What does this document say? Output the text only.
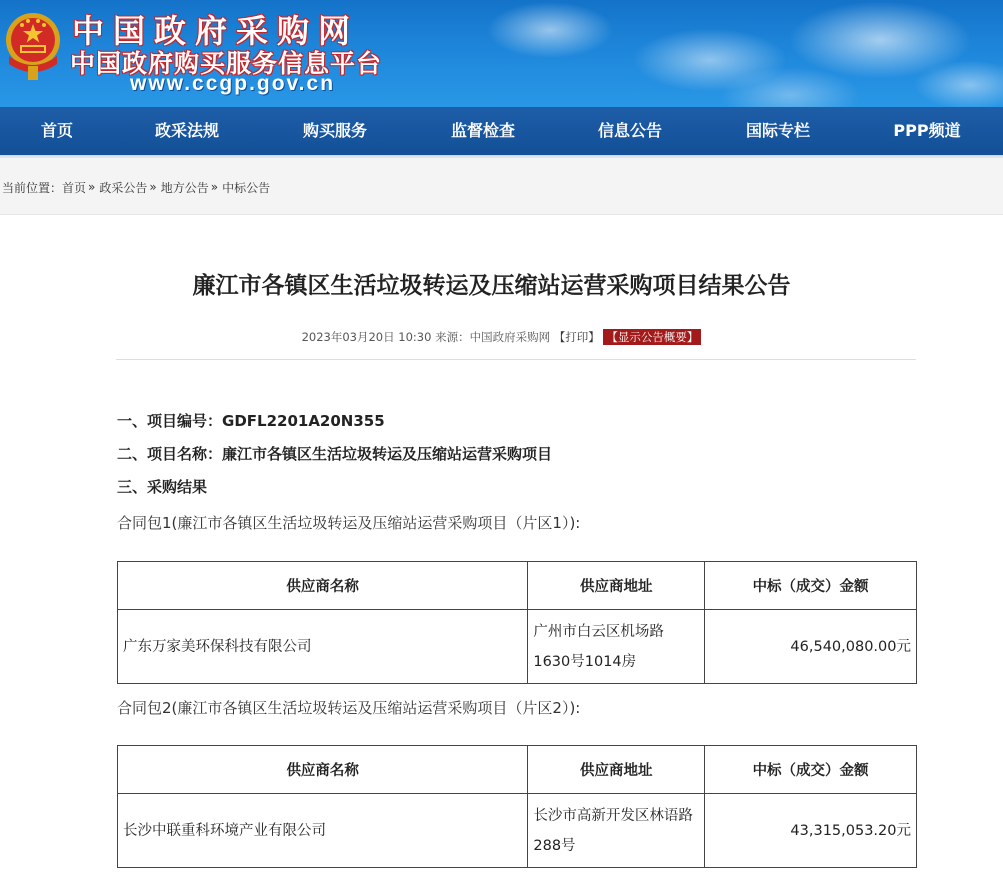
中国政府采购网
中国政府购买服务信息平台
www.ccgp.gov.cn
首页	政采法规	购买服务	监督检查	信息公告	国际专栏	PPP频道
当前位置： 首页 » 政采公告 » 地方公告 » 中标公告
廉江市各镇区生活垃圾转运及压缩站运营采购项目结果公告
2023年03月20日 10:30 来源：中国政府采购网 【打印】 【显示公告概要】
一、项目编号：GDFL2201A20N355
二、项目名称：廉江市各镇区生活垃圾转运及压缩站运营采购项目
三、采购结果
合同包1(廉江市各镇区生活垃圾转运及压缩站运营采购项目（片区1）):
供应商名称	供应商地址	中标（成交）金额
广东万家美环保科技有限公司	广州市白云区机场路1630号1014房	46,540,080.00元
合同包2(廉江市各镇区生活垃圾转运及压缩站运营采购项目（片区2）):
供应商名称	供应商地址	中标（成交）金额
长沙中联重科环境产业有限公司	长沙市高新开发区林语路288号	43,315,053.20元
